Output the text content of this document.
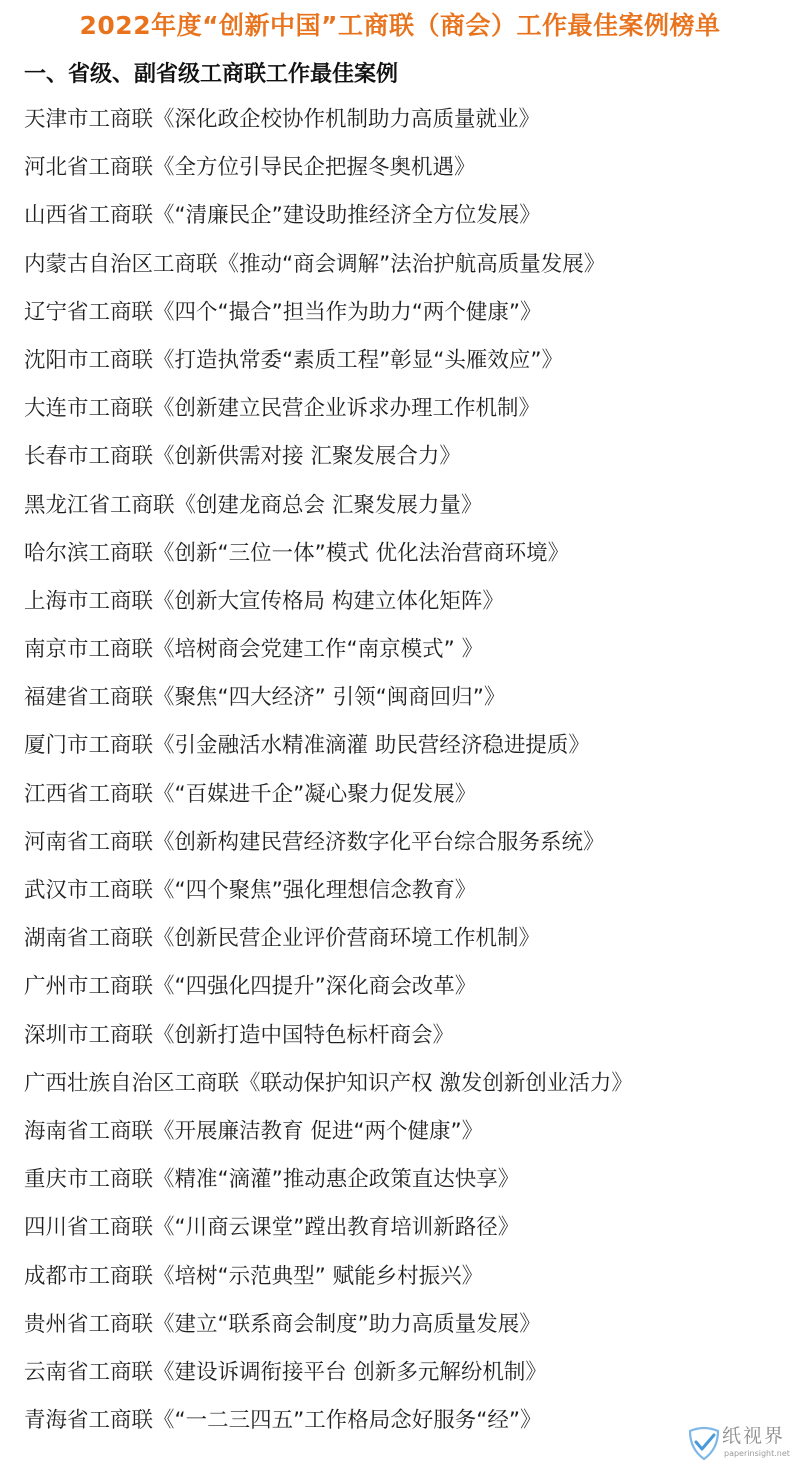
2022年度“创新中国”工商联（商会）工作最佳案例榜单
一、省级、副省级工商联工作最佳案例
天津市工商联《深化政企校协作机制助力高质量就业》
河北省工商联《全方位引导民企把握冬奥机遇》
山西省工商联《“清廉民企”建设助推经济全方位发展》
内蒙古自治区工商联《推动“商会调解”法治护航高质量发展》
辽宁省工商联《四个“撮合”担当作为助力“两个健康”》
沈阳市工商联《打造执常委“素质工程”彰显“头雁效应”》
大连市工商联《创新建立民营企业诉求办理工作机制》
长春市工商联《创新供需对接 汇聚发展合力》
黑龙江省工商联《创建龙商总会 汇聚发展力量》
哈尔滨工商联《创新“三位一体”模式 优化法治营商环境》
上海市工商联《创新大宣传格局 构建立体化矩阵》
南京市工商联《培树商会党建工作“南京模式” 》
福建省工商联《聚焦“四大经济” 引领“闽商回归”》
厦门市工商联《引金融活水精准滴灌 助民营经济稳进提质》
江西省工商联《“百媒进千企”凝心聚力促发展》
河南省工商联《创新构建民营经济数字化平台综合服务系统》
武汉市工商联《“四个聚焦”强化理想信念教育》
湖南省工商联《创新民营企业评价营商环境工作机制》
广州市工商联《“四强化四提升”深化商会改革》
深圳市工商联《创新打造中国特色标杆商会》
广西壮族自治区工商联《联动保护知识产权 激发创新创业活力》
海南省工商联《开展廉洁教育 促进“两个健康”》
重庆市工商联《精准“滴灌”推动惠企政策直达快享》
四川省工商联《“川商云课堂”蹚出教育培训新路径》
成都市工商联《培树“示范典型” 赋能乡村振兴》
贵州省工商联《建立“联系商会制度”助力高质量发展》
云南省工商联《建设诉调衔接平台 创新多元解纷机制》
青海省工商联《“一二三四五”工作格局念好服务“经”》
纸视界
paperinsight.net
